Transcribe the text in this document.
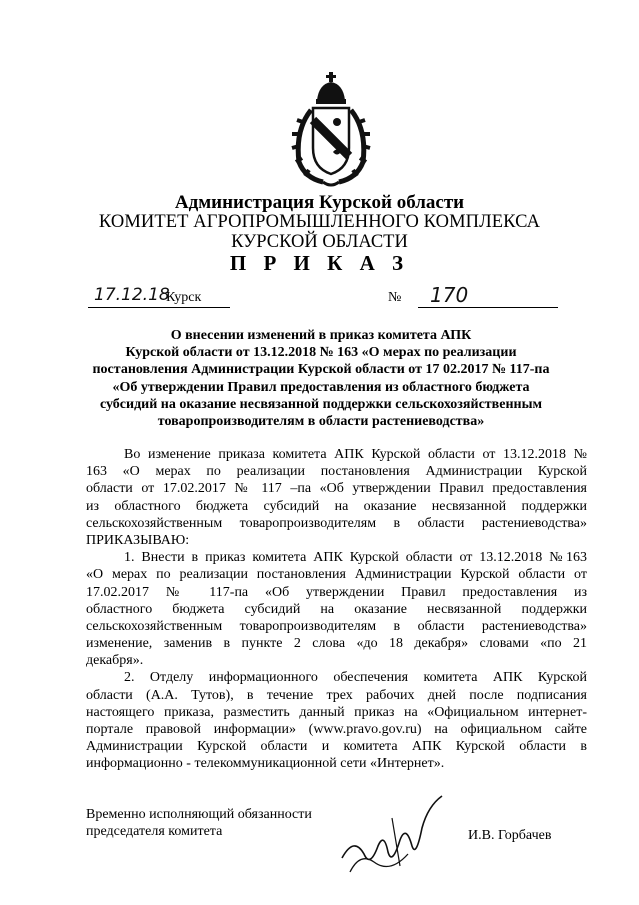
Администрация Курской области
КОМИТЕТ АГРОПРОМЫШЛЕННОГО КОМПЛЕКСА
КУРСКОЙ ОБЛАСТИ
П Р И К А З
17.12.18
Курск	№ 170
О внесении изменений в приказ комитета АПК
Курской области от 13.12.2018 № 163 «О мерах по реализации
постановления Администрации Курской области от 17 02.2017 № 117-па
«Об утверждении Правил предоставления из областного бюджета
субсидий на оказание несвязанной поддержки сельскохозяйственным
товаропроизводителям в области растениеводства»
Во изменение приказа комитета АПК Курской области от 13.12.2018 №
163 «О мерах по реализации постановления Администрации Курской
области от 17.02.2017 № 117 –па «Об утверждении Правил предоставления
из областного бюджета субсидий на оказание несвязанной поддержки
сельскохозяйственным товаропроизводителям в области растениеводства»
ПРИКАЗЫВАЮ:
1. Внести в приказ комитета АПК Курской области от 13.12.2018 №163
«О мерах по реализации постановления Администрации Курской области от
17.02.2017 № 117-па «Об утверждении Правил предоставления из
областного бюджета субсидий на оказание несвязанной поддержки
сельскохозяйственным товаропроизводителям в области растениеводства»
изменение, заменив в пункте 2 слова «до 18 декабря» словами «по 21
декабря».
2. Отделу информационного обеспечения комитета АПК Курской
области (А.А. Тутов), в течение трех рабочих дней после подписания
настоящего приказа, разместить данный приказ на «Официальном интернет-
портале правовой информации» (www.pravo.gov.ru) на официальном сайте
Администрации Курской области и комитета АПК Курской области в
информационно - телекоммуникационной сети «Интернет».
Временно исполняющий обязанности
председателя комитета	И.В. Горбачев
